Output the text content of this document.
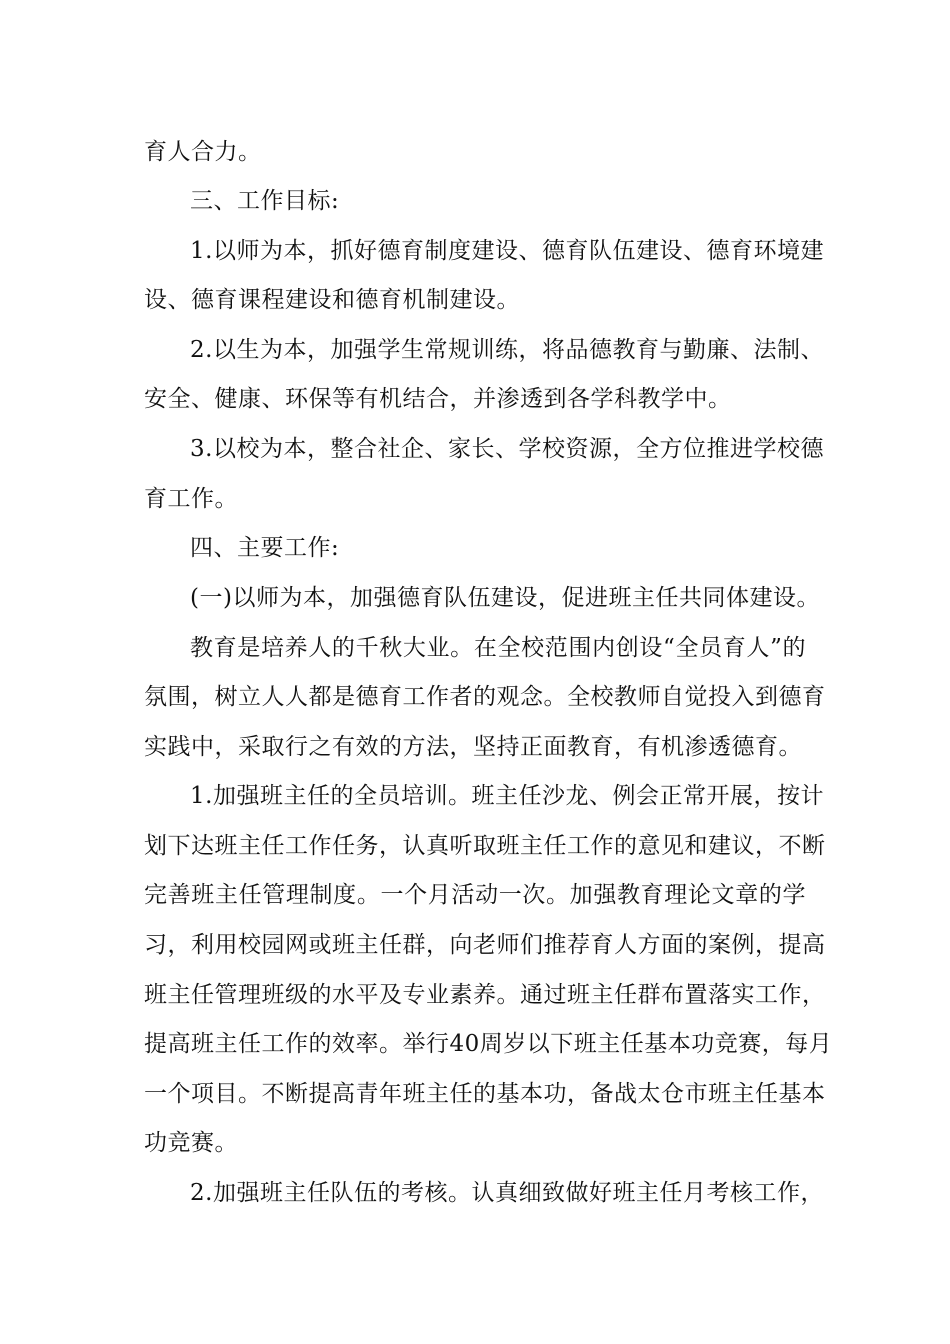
育人合力。
三、工作目标:
1.以师为本，抓好德育制度建设、德育队伍建设、德育环境建
设、德育课程建设和德育机制建设。
2.以生为本，加强学生常规训练，将品德教育与勤廉、法制、
安全、健康、环保等有机结合，并渗透到各学科教学中。
3.以校为本，整合社企、家长、学校资源，全方位推进学校德
育工作。
四、主要工作:
(一)以师为本，加强德育队伍建设，促进班主任共同体建设。
教育是培养人的千秋大业。在全校范围内创设“全员育人”的
氛围，树立人人都是德育工作者的观念。全校教师自觉投入到德育
实践中，采取行之有效的方法，坚持正面教育，有机渗透德育。
1.加强班主任的全员培训。班主任沙龙、例会正常开展，按计
划下达班主任工作任务，认真听取班主任工作的意见和建议，不断
完善班主任管理制度。一个月活动一次。加强教育理论文章的学
习，利用校园网或班主任群，向老师们推荐育人方面的案例，提高
班主任管理班级的水平及专业素养。通过班主任群布置落实工作，
提高班主任工作的效率。举行40周岁以下班主任基本功竞赛，每月
一个项目。不断提高青年班主任的基本功，备战太仓市班主任基本
功竞赛。
2.加强班主任队伍的考核。认真细致做好班主任月考核工作，
